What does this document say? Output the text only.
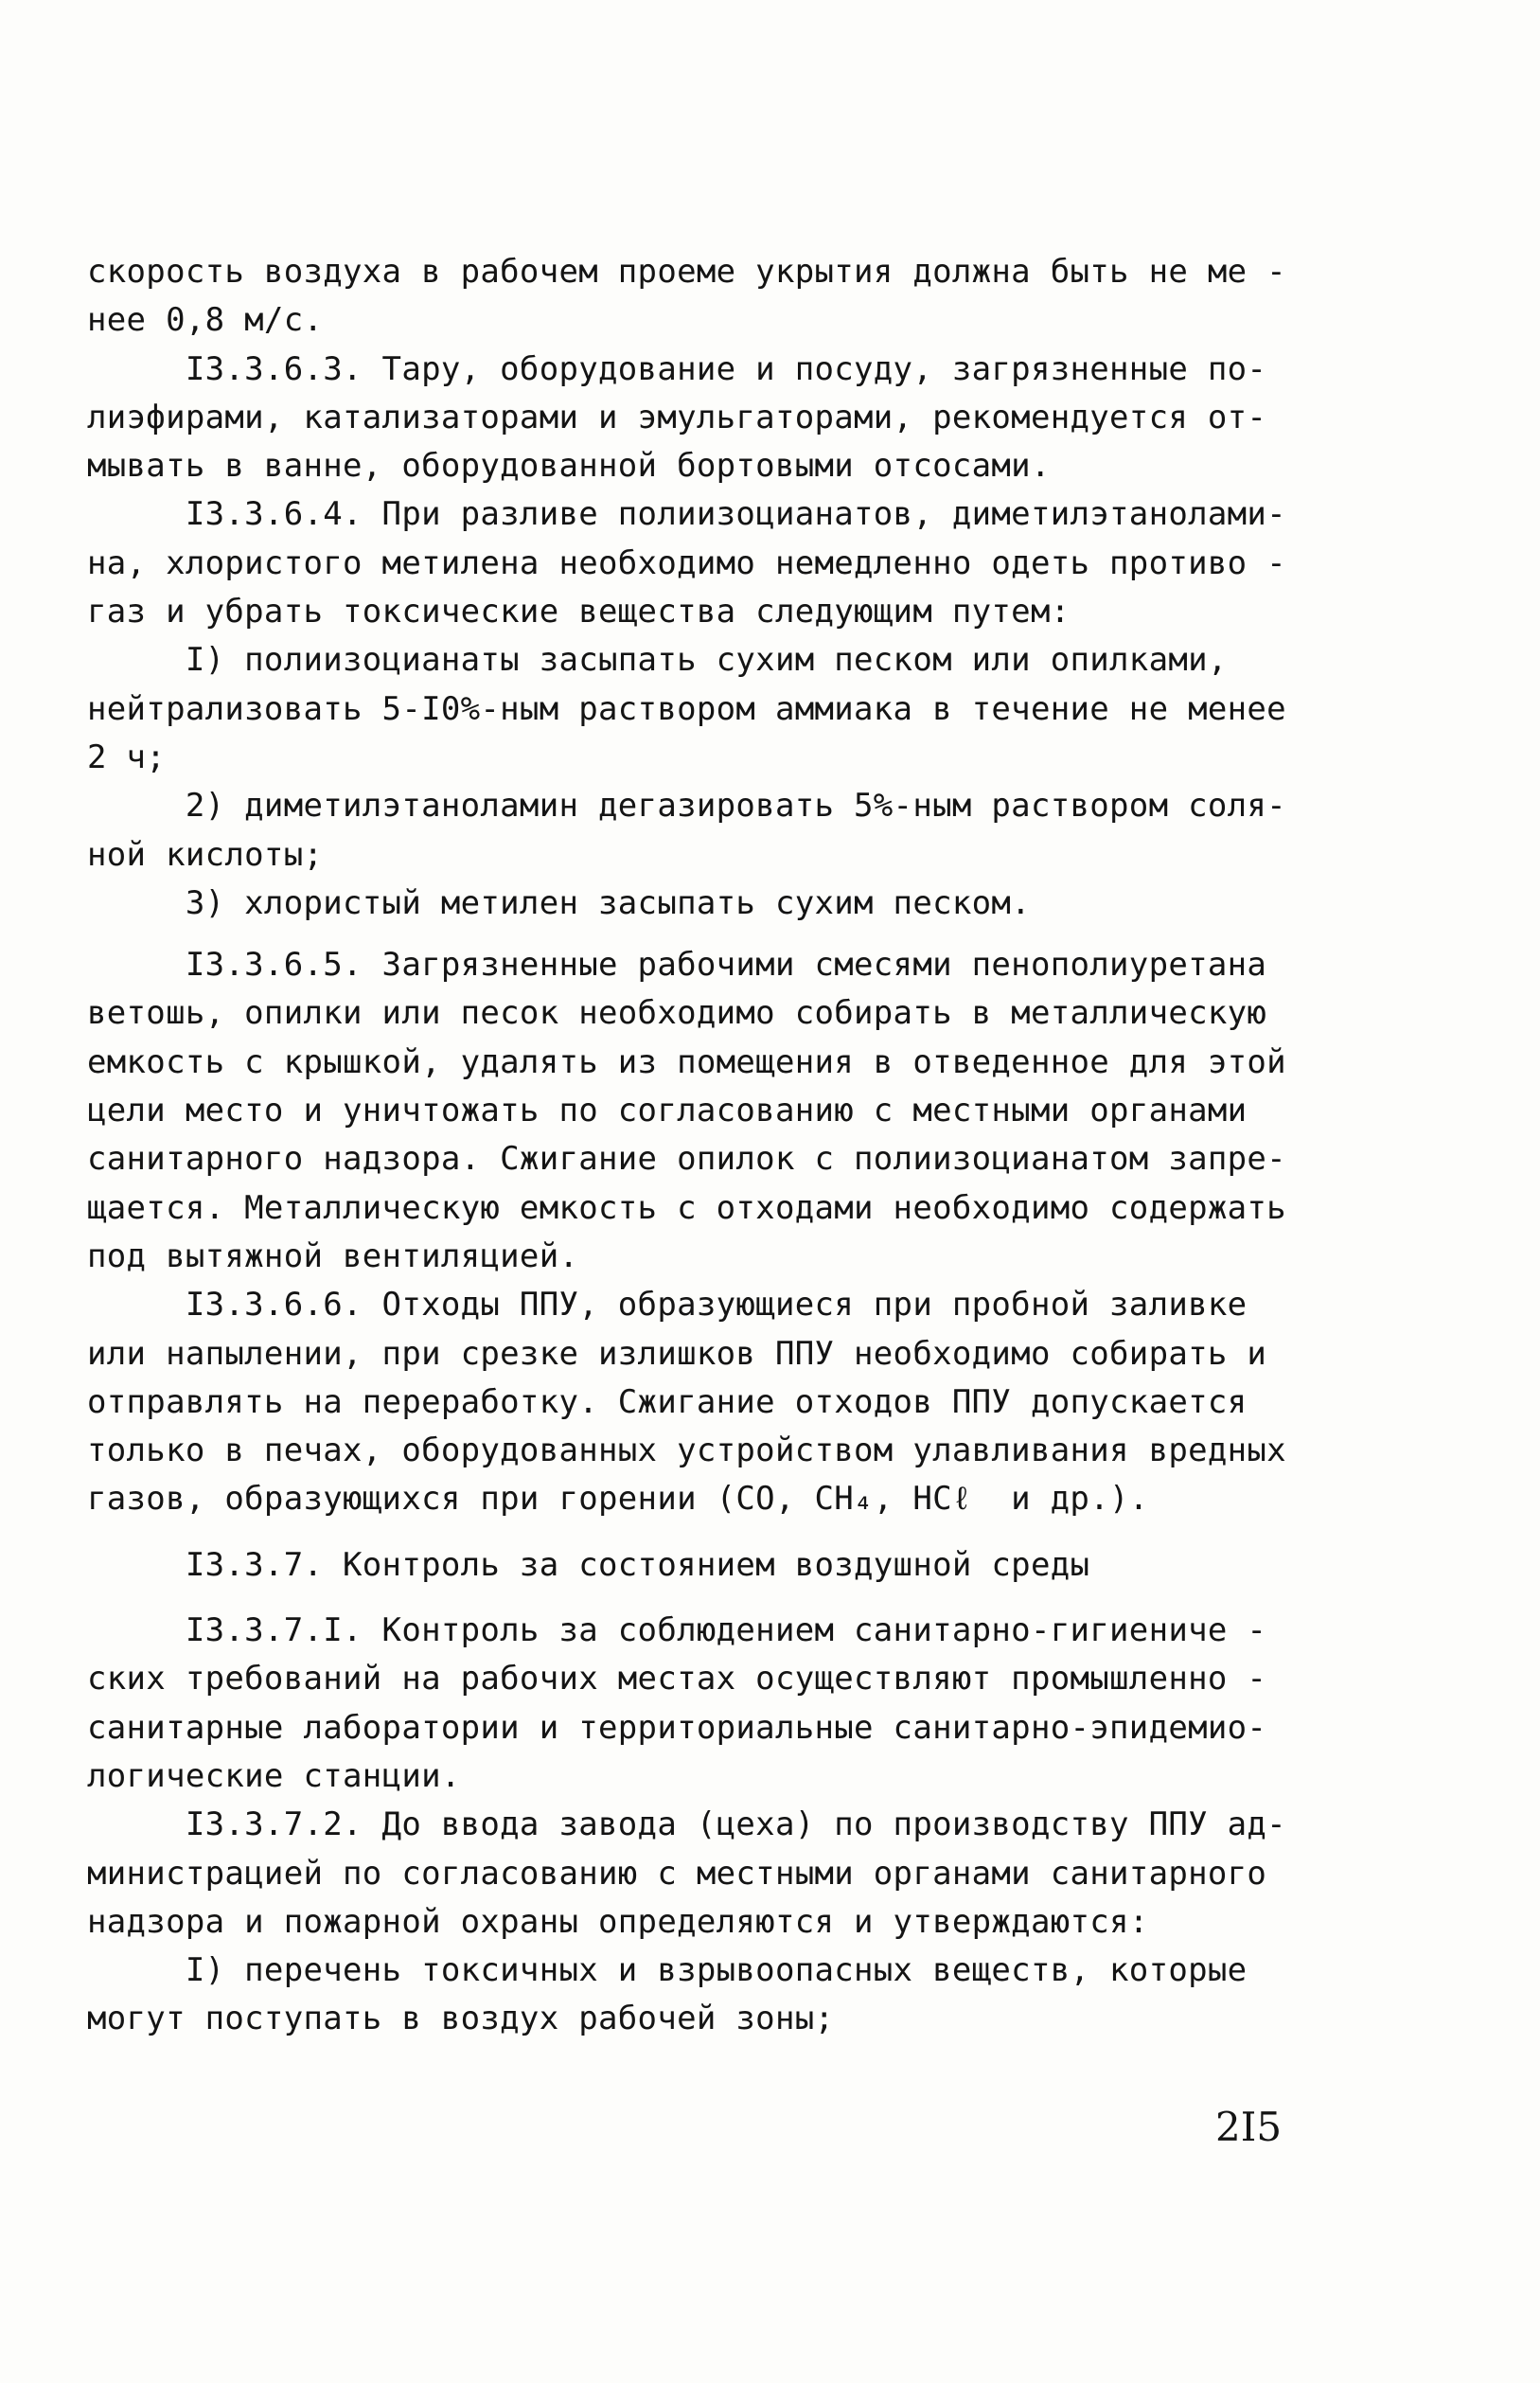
скорость воздуха в рабочем проеме укрытия должна быть не ме -
нее 0,8 м/с.
I3.3.6.3. Тару, оборудование и посуду, загрязненные по-
лиэфирами, катализаторами и эмульгаторами, рекомендуется от-
мывать в ванне, оборудованной бортовыми отсосами.
I3.3.6.4. При разливе полиизоцианатов, диметилэтанолами-
на, хлористого метилена необходимо немедленно одеть противо -
газ и убрать токсические вещества следующим путем:
I) полиизоцианаты засыпать сухим песком или опилками,
нейтрализовать 5-I0%-ным раствором аммиака в течение не менее
2 ч;
2) диметилэтаноламин дегазировать 5%-ным раствором соля-
ной кислоты;
3) хлористый метилен засыпать сухим песком.
I3.3.6.5. Загрязненные рабочими смесями пенополиуретана
ветошь, опилки или песок необходимо собирать в металлическую
емкость с крышкой, удалять из помещения в отведенное для этой
цели место и уничтожать по согласованию с местными органами
санитарного надзора. Сжигание опилок с полиизоцианатом запре-
щается. Металлическую емкость с отходами необходимо содержать
под вытяжной вентиляцией.
I3.3.6.6. Отходы ППУ, образующиеся при пробной заливке
или напылении, при срезке излишков ППУ необходимо собирать и
отправлять на переработку. Сжигание отходов ППУ допускается
только в печах, оборудованных устройством улавливания вредных
газов, образующихся при горении (CO, CH₄, HCℓ  и др.).
I3.3.7. Контроль за состоянием воздушной среды
I3.3.7.I. Контроль за соблюдением санитарно-гигиениче -
ских требований на рабочих местах осуществляют промышленно -
санитарные лаборатории и территориальные санитарно-эпидемио-
логические станции.
I3.3.7.2. До ввода завода (цеха) по производству ППУ ад-
министрацией по согласованию с местными органами санитарного
надзора и пожарной охраны определяются и утверждаются:
I) перечень токсичных и взрывоопасных веществ, которые
могут поступать в воздух рабочей зоны;
2I5
